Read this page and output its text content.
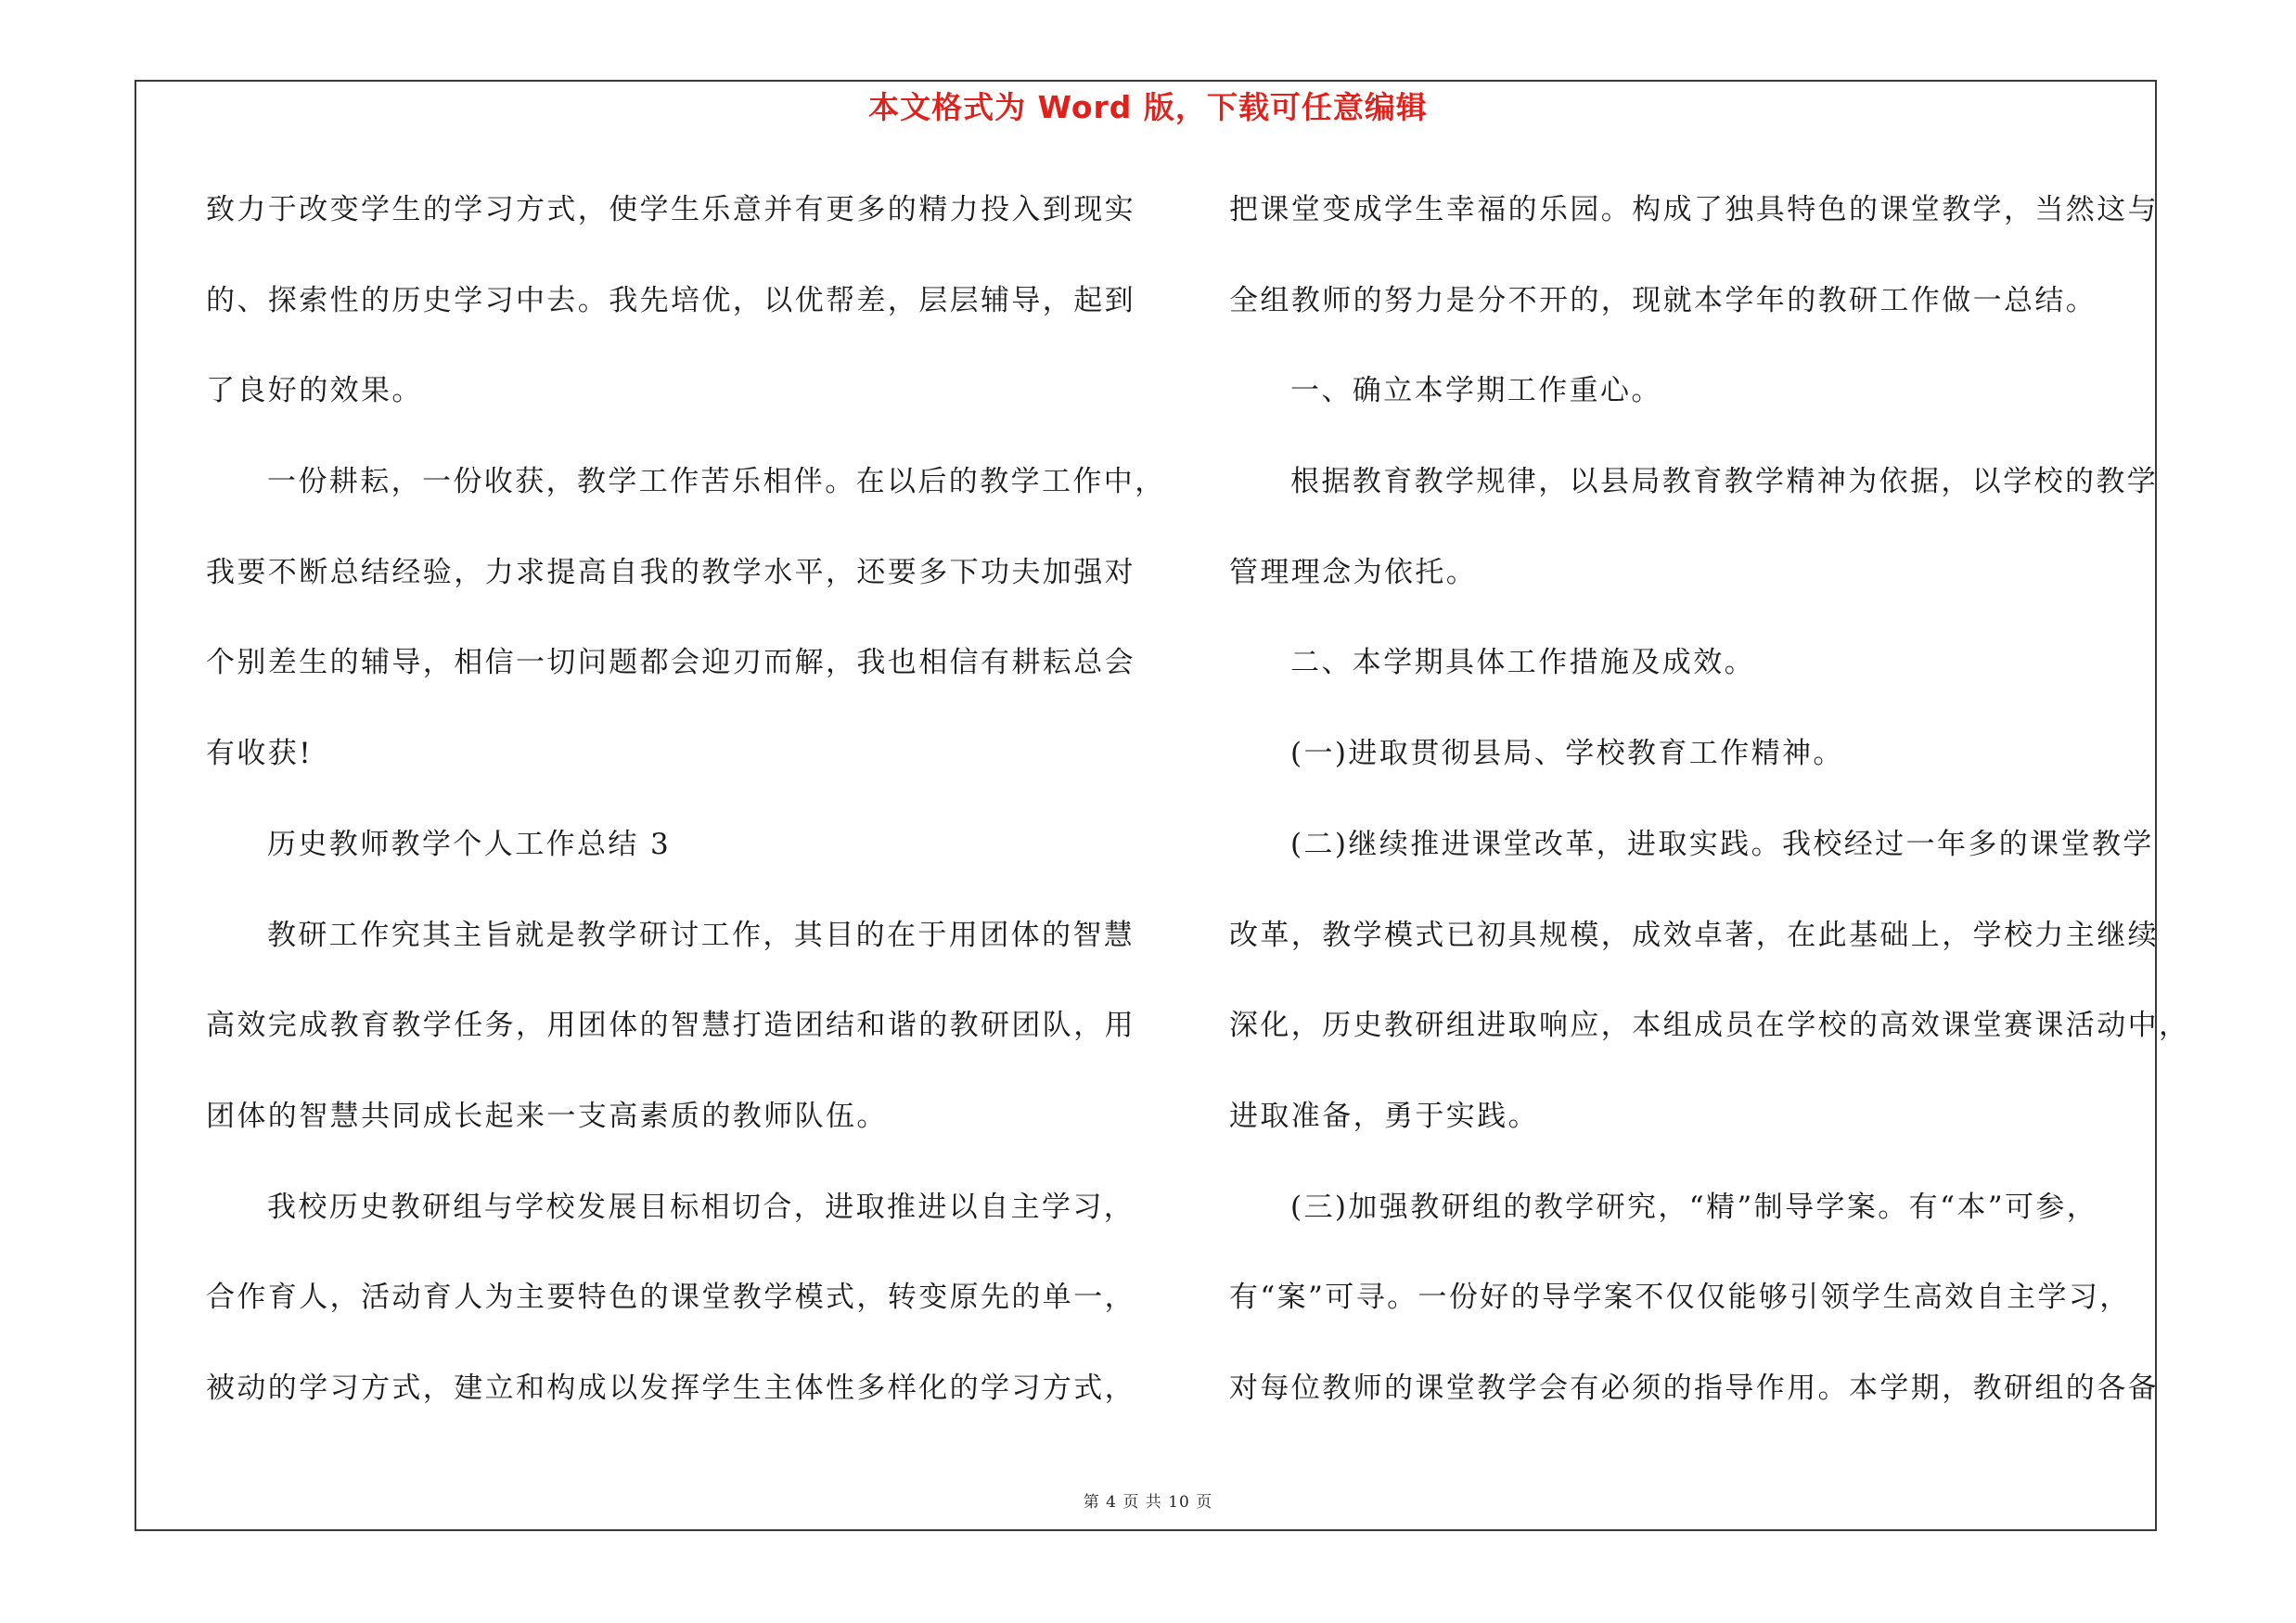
本文格式为 Word 版，下载可任意编辑
致力于改变学生的学习方式，使学生乐意并有更多的精力投入到现实
的、探索性的历史学习中去。我先培优，以优帮差，层层辅导，起到
了良好的效果。
一份耕耘，一份收获，教学工作苦乐相伴。在以后的教学工作中，
我要不断总结经验，力求提高自我的教学水平，还要多下功夫加强对
个别差生的辅导，相信一切问题都会迎刃而解，我也相信有耕耘总会
有收获!
历史教师教学个人工作总结 3
教研工作究其主旨就是教学研讨工作，其目的在于用团体的智慧
高效完成教育教学任务，用团体的智慧打造团结和谐的教研团队，用
团体的智慧共同成长起来一支高素质的教师队伍。
我校历史教研组与学校发展目标相切合，进取推进以自主学习，
合作育人，活动育人为主要特色的课堂教学模式，转变原先的单一，
被动的学习方式，建立和构成以发挥学生主体性多样化的学习方式，
把课堂变成学生幸福的乐园。构成了独具特色的课堂教学，当然这与
全组教师的努力是分不开的，现就本学年的教研工作做一总结。
一、确立本学期工作重心。
根据教育教学规律，以县局教育教学精神为依据，以学校的教学
管理理念为依托。
二、本学期具体工作措施及成效。
(一)进取贯彻县局、学校教育工作精神。
(二)继续推进课堂改革，进取实践。我校经过一年多的课堂教学
改革，教学模式已初具规模，成效卓著，在此基础上，学校力主继续
深化，历史教研组进取响应，本组成员在学校的高效课堂赛课活动中，
进取准备，勇于实践。
(三)加强教研组的教学研究，“精”制导学案。有“本”可参，
有“案”可寻。一份好的导学案不仅仅能够引领学生高效自主学习，
对每位教师的课堂教学会有必须的指导作用。本学期，教研组的各备
第 4 页 共 10 页
